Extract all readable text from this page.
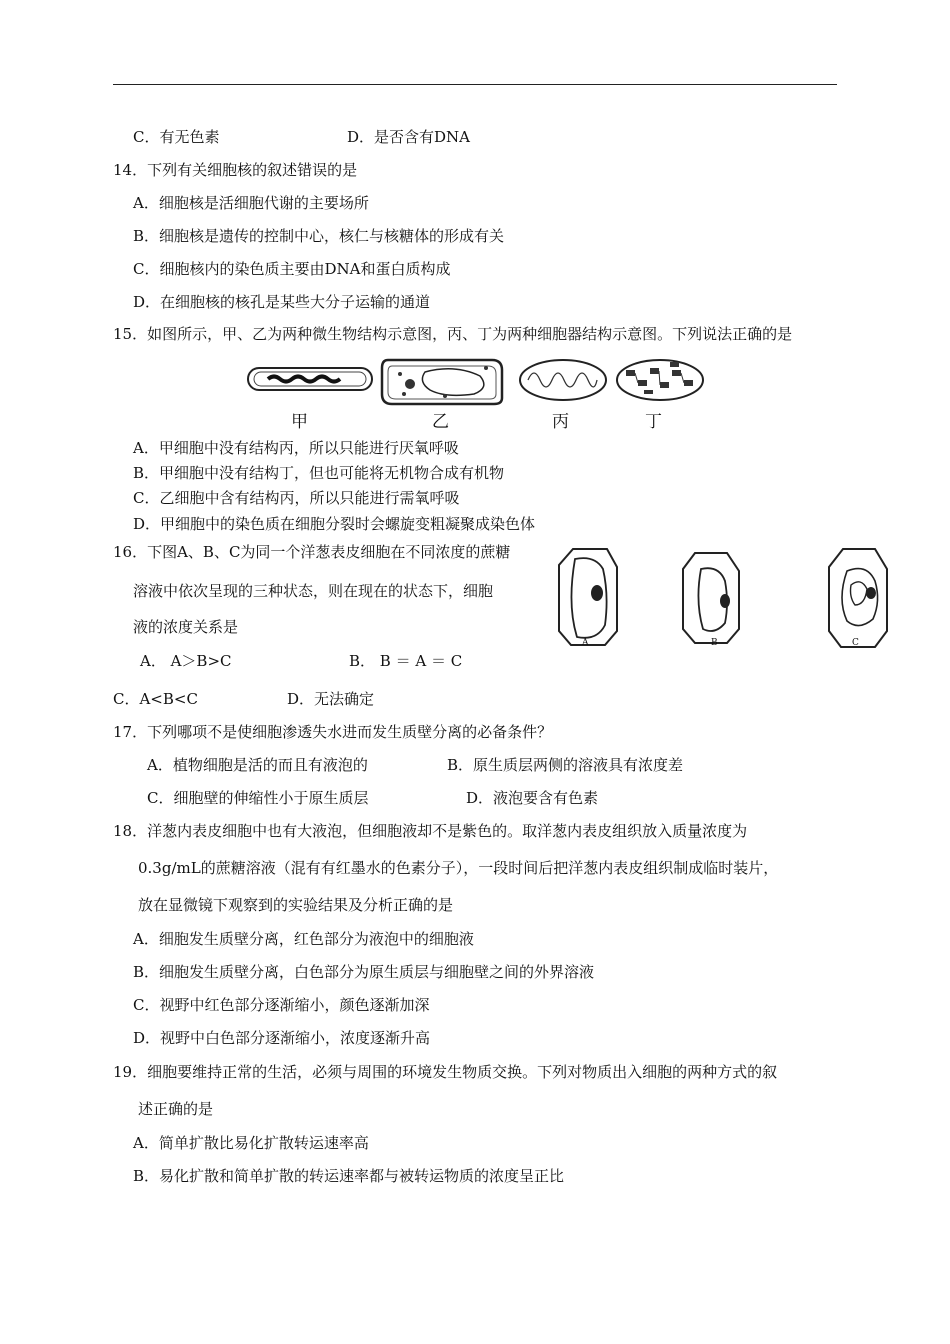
C．有无色素	D．是否含有DNA
14．下列有关细胞核的叙述错误的是
A．细胞核是活细胞代谢的主要场所
B．细胞核是遗传的控制中心，核仁与核糖体的形成有关
C．细胞核内的染色质主要由DNA和蛋白质构成
D．在细胞核的核孔是某些大分子运输的通道
15．如图所示，甲、乙为两种微生物结构示意图，丙、丁为两种细胞器结构示意图。下列说法正确的是
甲	乙	丙	丁
A．甲细胞中没有结构丙，所以只能进行厌氧呼吸
B．甲细胞中没有结构丁，但也可能将无机物合成有机物
C．乙细胞中含有结构丙，所以只能进行需氧呼吸
D．甲细胞中的染色质在细胞分裂时会螺旋变粗凝聚成染色体
16．下图A、B、C为同一个洋葱表皮细胞在不同浓度的蔗糖
溶液中依次呈现的三种状态，则在现在的状态下，细胞
液的浓度关系是
A． A＞B>C	B． B ＝ A ＝ C
C．A<B<C	D．无法确定
A	B	C
17．下列哪项不是使细胞渗透失水进而发生质壁分离的必备条件？
A．植物细胞是活的而且有液泡的	B．原生质层两侧的溶液具有浓度差
C．细胞壁的伸缩性小于原生质层	D．液泡要含有色素
18．洋葱内表皮细胞中也有大液泡，但细胞液却不是紫色的。取洋葱内表皮组织放入质量浓度为
0.3g/mL的蔗糖溶液（混有有红墨水的色素分子），一段时间后把洋葱内表皮组织制成临时装片，
放在显微镜下观察到的实验结果及分析正确的是
A．细胞发生质壁分离，红色部分为液泡中的细胞液
B．细胞发生质壁分离，白色部分为原生质层与细胞壁之间的外界溶液
C．视野中红色部分逐渐缩小，颜色逐渐加深
D．视野中白色部分逐渐缩小，浓度逐渐升高
19．细胞要维持正常的生活，必须与周围的环境发生物质交换。下列对物质出入细胞的两种方式的叙
述正确的是
A．简单扩散比易化扩散转运速率高
B．易化扩散和简单扩散的转运速率都与被转运物质的浓度呈正比
